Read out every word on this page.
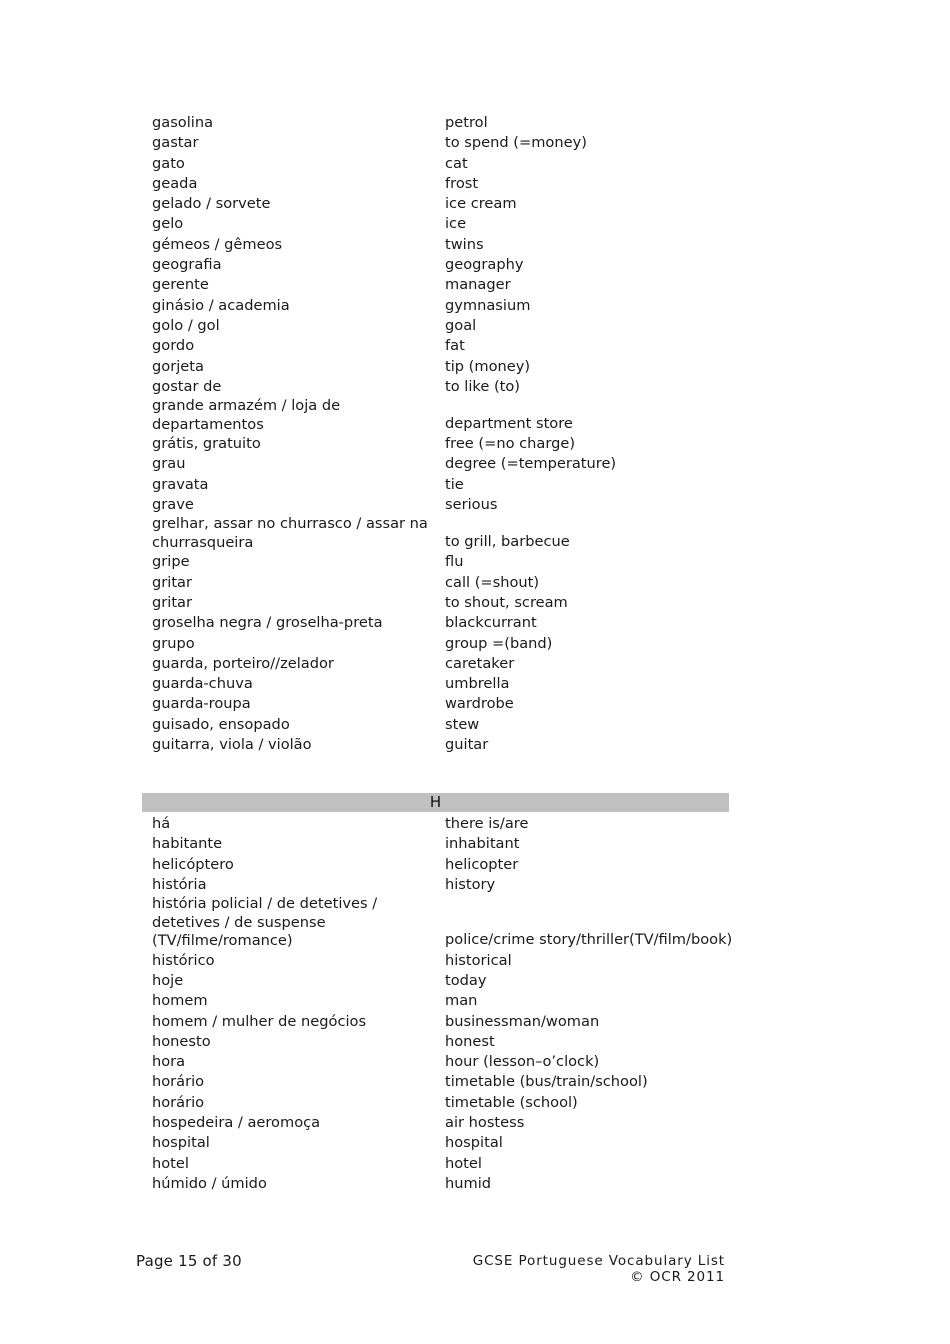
gasolina	petrol
gastar	to spend (=money)
gato	cat
geada	frost
gelado / sorvete	ice cream
gelo	ice
gémeos / gêmeos	twins
geografia	geography
gerente	manager
ginásio / academia	gymnasium
golo / gol	goal
gordo	fat
gorjeta	tip (money)
gostar de	to like (to)
grande armazém / loja de departamentos	department store
grátis, gratuito	free (=no charge)
grau	degree (=temperature)
gravata	tie
grave	serious
grelhar, assar no churrasco / assar na churrasqueira	to grill, barbecue
gripe	flu
gritar	call (=shout)
gritar	to shout, scream
groselha negra / groselha-preta	blackcurrant
grupo	group =(band)
guarda, porteiro//zelador	caretaker
guarda-chuva	umbrella
guarda-roupa	wardrobe
guisado, ensopado	stew
guitarra, viola / violão	guitar
H
há	there is/are
habitante	inhabitant
helicóptero	helicopter
história	history
história policial / de detetives / detetives / de suspense (TV/filme/romance)	police/crime story/thriller(TV/film/book)
histórico	historical
hoje	today
homem	man
homem / mulher de negócios	businessman/woman
honesto	honest
hora	hour (lesson–o’clock)
horário	timetable (bus/train/school)
horário	timetable (school)
hospedeira / aeromoça	air hostess
hospital	hospital
hotel	hotel
húmido / úmido	humid
Page 15 of 30	GCSE Portuguese Vocabulary List
© OCR 2011
